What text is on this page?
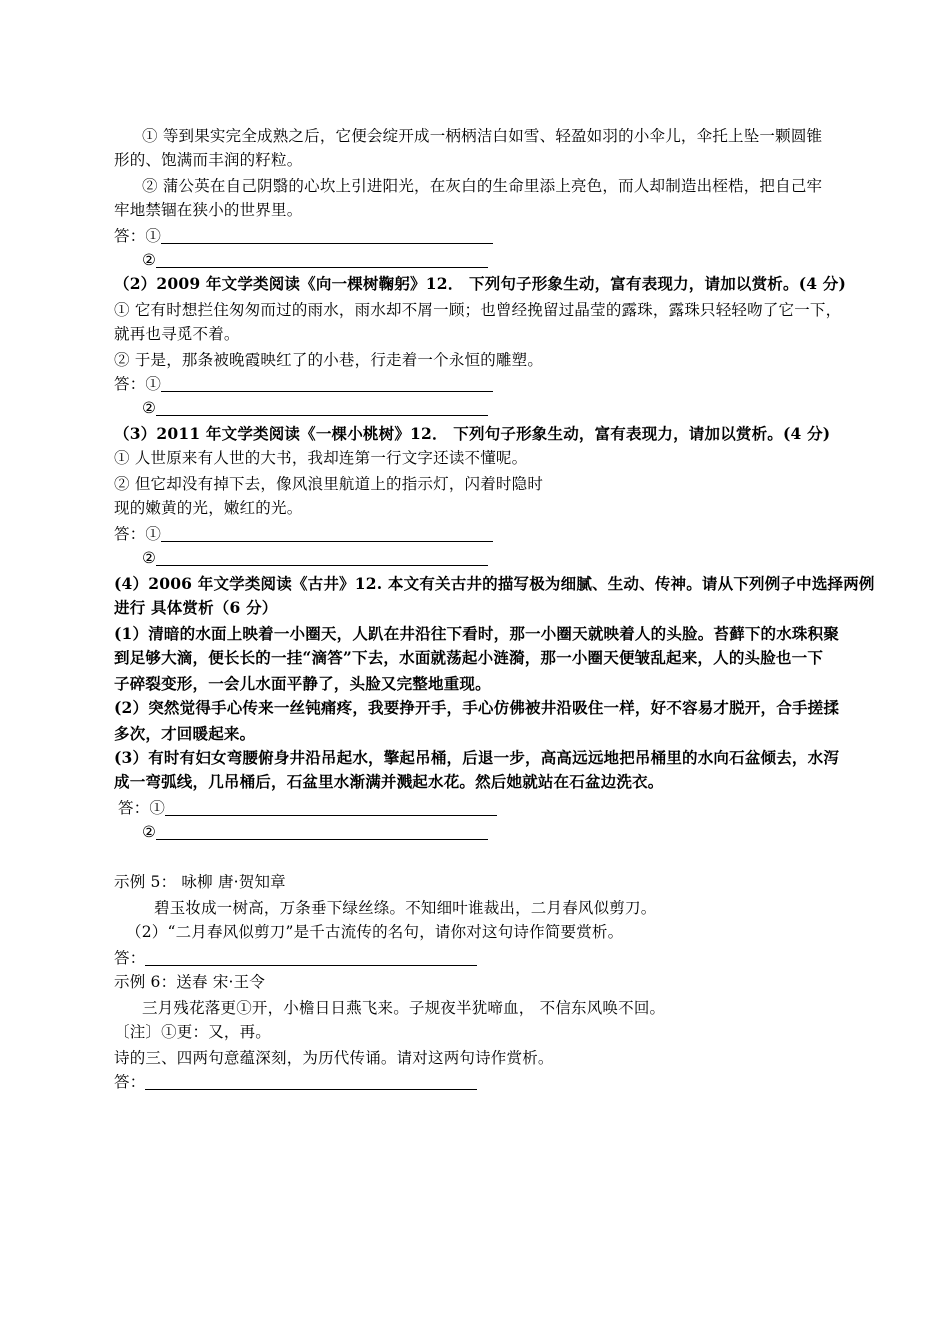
① 等到果实完全成熟之后，它便会绽开成一柄柄洁白如雪、轻盈如羽的小伞儿，伞托上坠一颗圆锥
形的、饱满而丰润的籽粒。
② 蒲公英在自己阴翳的心坎上引进阳光，在灰白的生命里添上亮色，而人却制造出桎梏，把自己牢
牢地禁锢在狭小的世界里。
答：①
②
（2）2009 年文学类阅读《向一棵树鞠躬》12． 下列句子形象生动，富有表现力，请加以赏析。(4 分)
① 它有时想拦住匆匆而过的雨水，雨水却不屑一顾；也曾经挽留过晶莹的露珠，露珠只轻轻吻了它一下，
就再也寻觅不着。
② 于是，那条被晚霞映红了的小巷，行走着一个永恒的雕塑。
答：①
②
（3）2011 年文学类阅读《一棵小桃树》12． 下列句子形象生动，富有表现力，请加以赏析。(4 分)
① 人世原来有人世的大书，我却连第一行文字还读不懂呢。
② 但它却没有掉下去，像风浪里航道上的指示灯，闪着时隐时
现的嫩黄的光，嫩红的光。
答：①
②
(4）2006 年文学类阅读《古井》12. 本文有关古井的描写极为细腻、生动、传神。请从下列例子中选择两例
进行 具体赏析（6 分）
(1）清暗的水面上映着一小圈天，人趴在井沿往下看时，那一小圈天就映着人的头脸。苔藓下的水珠积聚
到足够大滴，便长长的一挂“滴答”下去，水面就荡起小涟漪，那一小圈天便皱乱起来，人的头脸也一下
子碎裂变形，一会儿水面平静了，头脸又完整地重现。
(2）突然觉得手心传来一丝钝痛疼，我要挣开手，手心仿佛被井沿吸住一样，好不容易才脱开，合手搓揉
多次，才回暖起来。
(3）有时有妇女弯腰俯身井沿吊起水，擎起吊桶，后退一步，高高远远地把吊桶里的水向石盆倾去，水泻
成一弯弧线，几吊桶后，石盆里水渐满并溅起水花。然后她就站在石盆边洗衣。
答：①
②
示例 5： 咏柳 唐·贺知章
碧玉妆成一树高，万条垂下绿丝绦。不知细叶谁裁出，二月春风似剪刀。
（2）“二月春风似剪刀”是千古流传的名句，请你对这句诗作简要赏析。
答：
示例 6：送春 宋·王令
三月残花落更①开，小檐日日燕飞来。子规夜半犹啼血， 不信东风唤不回。
〔注〕①更：又，再。
诗的三、四两句意蕴深刻，为历代传诵。请对这两句诗作赏析。
答：
